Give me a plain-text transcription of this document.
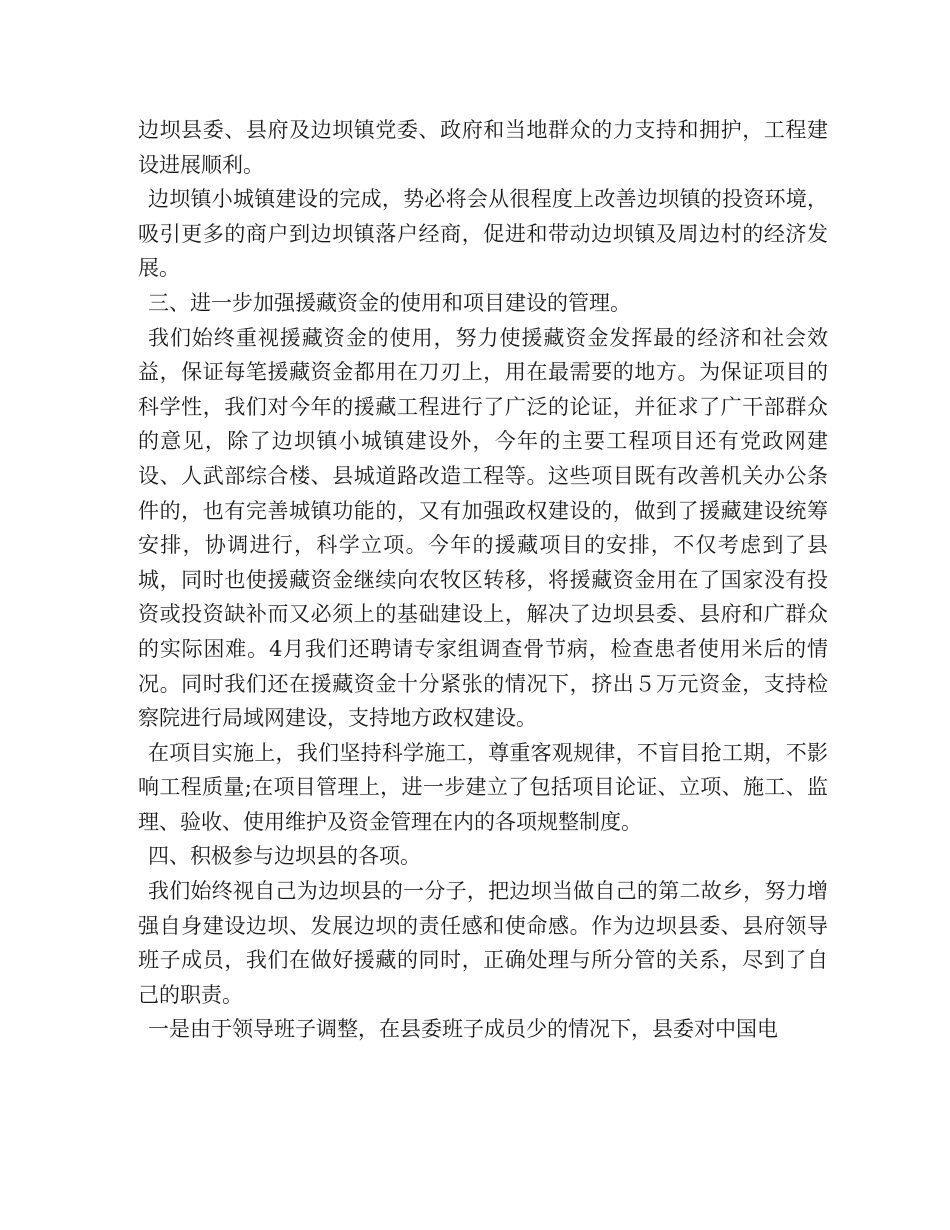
边坝县委、县府及边坝镇党委、政府和当地群众的力支持和拥护，工程建设进展顺利。

边坝镇小城镇建设的完成，势必将会从很程度上改善边坝镇的投资环境，吸引更多的商户到边坝镇落户经商，促进和带动边坝镇及周边村的经济发展。

三、进一步加强援藏资金的使用和项目建设的管理。

我们始终重视援藏资金的使用，努力使援藏资金发挥最的经济和社会效益，保证每笔援藏资金都用在刀刃上，用在最需要的地方。为保证项目的科学性，我们对今年的援藏工程进行了广泛的论证，并征求了广干部群众的意见，除了边坝镇小城镇建设外，今年的主要工程项目还有党政网建设、人武部综合楼、县城道路改造工程等。这些项目既有改善机关办公条件的，也有完善城镇功能的，又有加强政权建设的，做到了援藏建设统筹安排，协调进行，科学立项。今年的援藏项目的安排，不仅考虑到了县城，同时也使援藏资金继续向农牧区转移，将援藏资金用在了国家没有投资或投资缺补而又必须上的基础建设上，解决了边坝县委、县府和广群众的实际困难。4月我们还聘请专家组调查骨节病，检查患者使用米后的情况。同时我们还在援藏资金十分紧张的情况下，挤出５万元资金，支持检察院进行局域网建设，支持地方政权建设。

在项目实施上，我们坚持科学施工，尊重客观规律，不盲目抢工期，不影响工程质量;在项目管理上，进一步建立了包括项目论证、立项、施工、监理、验收、使用维护及资金管理在内的各项规整制度。

四、积极参与边坝县的各项。

我们始终视自己为边坝县的一分子，把边坝当做自己的第二故乡，努力增强自身建设边坝、发展边坝的责任感和使命感。作为边坝县委、县府领导班子成员，我们在做好援藏的同时，正确处理与所分管的关系，尽到了自己的职责。

一是由于领导班子调整，在县委班子成员少的情况下，县委对中国电
